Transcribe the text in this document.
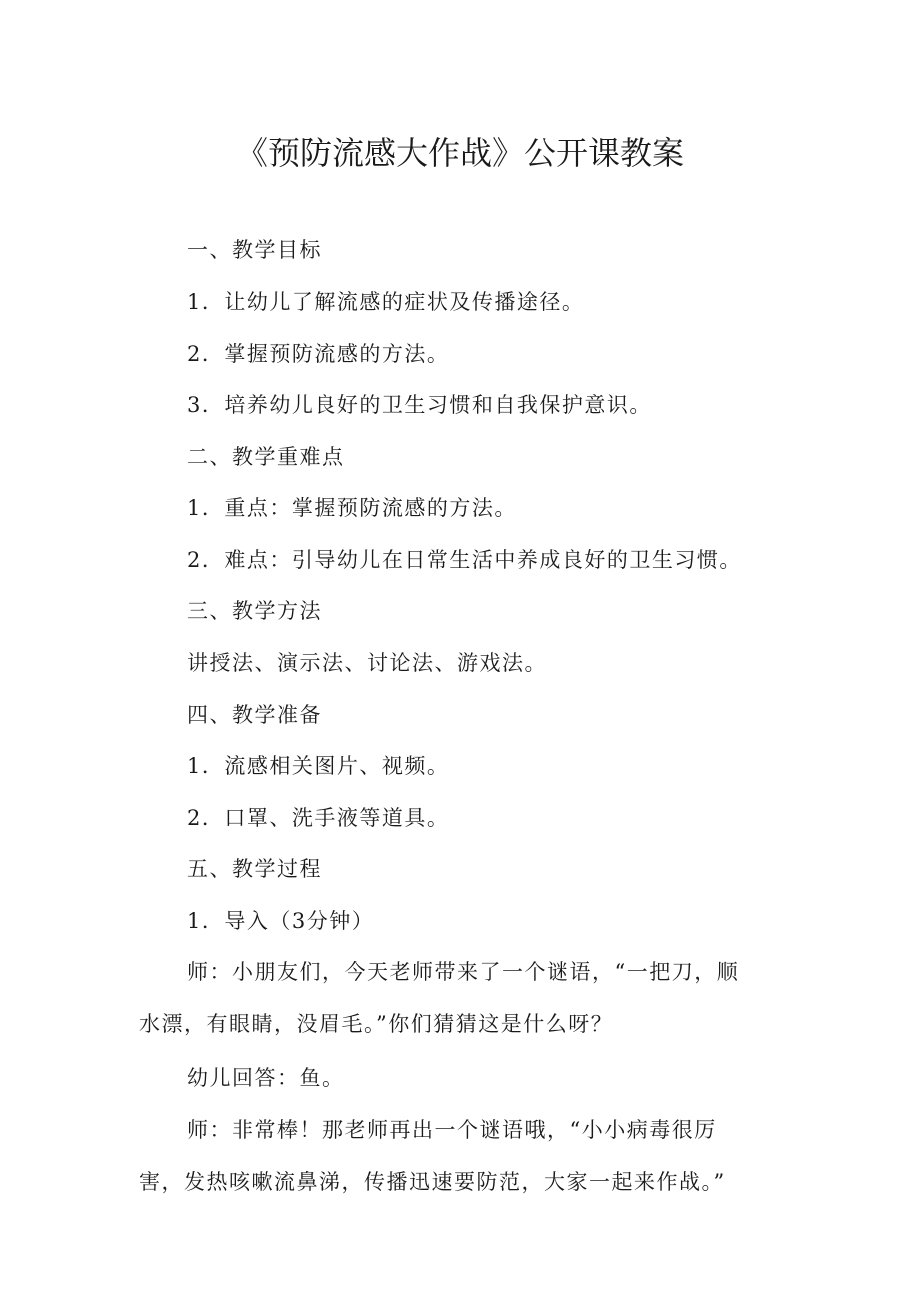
《预防流感大作战》公开课教案

一、教学目标

1．让幼儿了解流感的症状及传播途径。

2．掌握预防流感的方法。

3．培养幼儿良好的卫生习惯和自我保护意识。

二、教学重难点

1．重点：掌握预防流感的方法。

2．难点：引导幼儿在日常生活中养成良好的卫生习惯。

三、教学方法

讲授法、演示法、讨论法、游戏法。

四、教学准备

1．流感相关图片、视频。

2．口罩、洗手液等道具。

五、教学过程

1．导入（3分钟）

师：小朋友们，今天老师带来了一个谜语，“一把刀，顺水漂，有眼睛，没眉毛。”你们猜猜这是什么呀？

幼儿回答：鱼。

师：非常棒！那老师再出一个谜语哦，“小小病毒很厉害，发热咳嗽流鼻涕，传播迅速要防范，大家一起来作战。”
